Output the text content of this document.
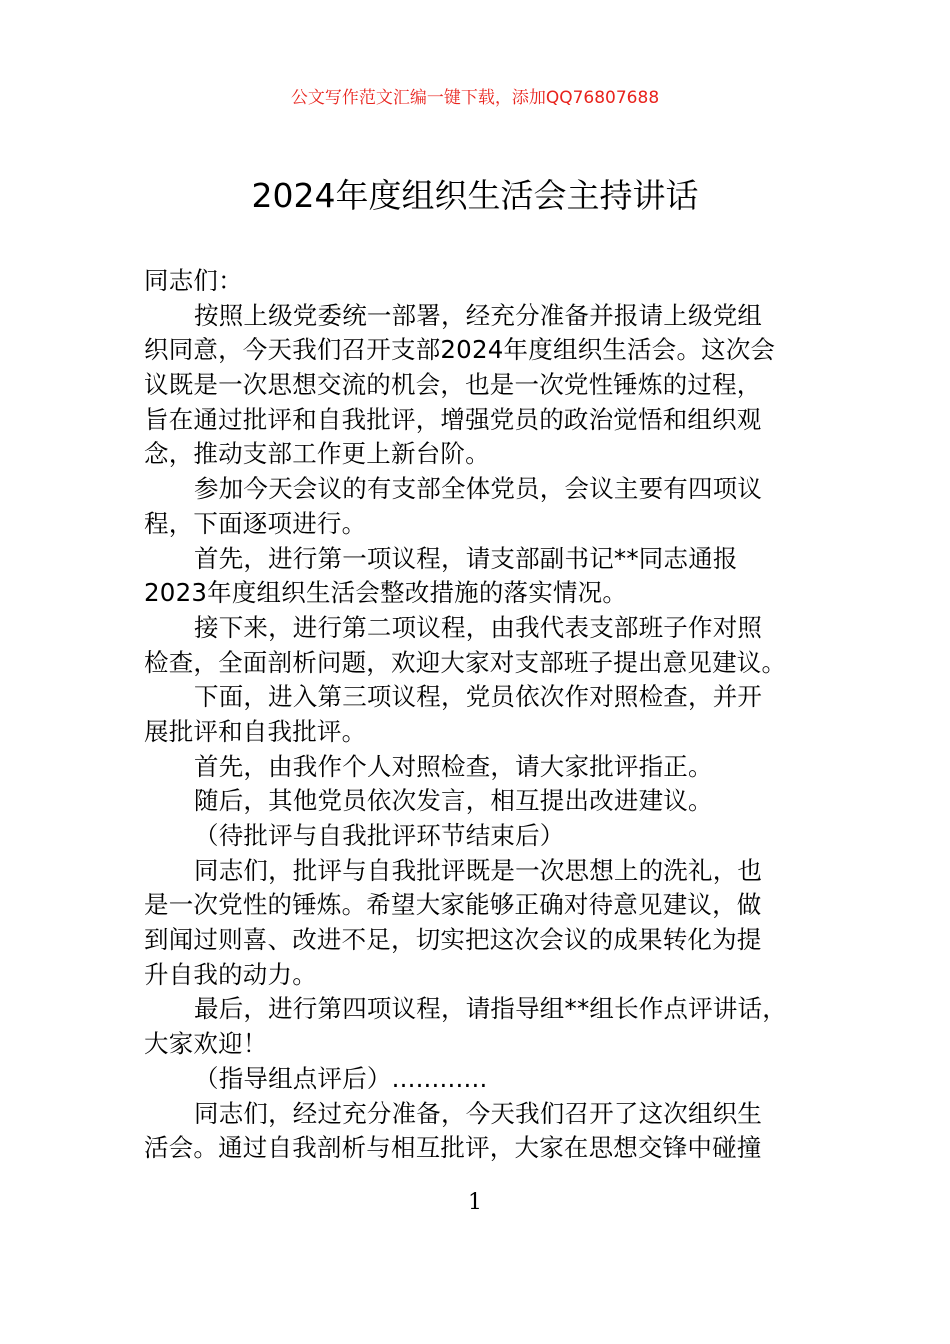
公文写作范文汇编一键下载，添加QQ76807688
2024年度组织生活会主持讲话
同志们：
按照上级党委统一部署，经充分准备并报请上级党组
织同意，今天我们召开支部2024年度组织生活会。这次会
议既是一次思想交流的机会，也是一次党性锤炼的过程，
旨在通过批评和自我批评，增强党员的政治觉悟和组织观
念，推动支部工作更上新台阶。
参加今天会议的有支部全体党员，会议主要有四项议
程，下面逐项进行。
首先，进行第一项议程，请支部副书记**同志通报
2023年度组织生活会整改措施的落实情况。
接下来，进行第二项议程，由我代表支部班子作对照
检查，全面剖析问题，欢迎大家对支部班子提出意见建议。
下面，进入第三项议程，党员依次作对照检查，并开
展批评和自我批评。
首先，由我作个人对照检查，请大家批评指正。
随后，其他党员依次发言，相互提出改进建议。
（待批评与自我批评环节结束后）
同志们，批评与自我批评既是一次思想上的洗礼，也
是一次党性的锤炼。希望大家能够正确对待意见建议，做
到闻过则喜、改进不足，切实把这次会议的成果转化为提
升自我的动力。
最后，进行第四项议程，请指导组**组长作点评讲话，
大家欢迎！
（指导组点评后）............
同志们，经过充分准备，今天我们召开了这次组织生
活会。通过自我剖析与相互批评，大家在思想交锋中碰撞
1
